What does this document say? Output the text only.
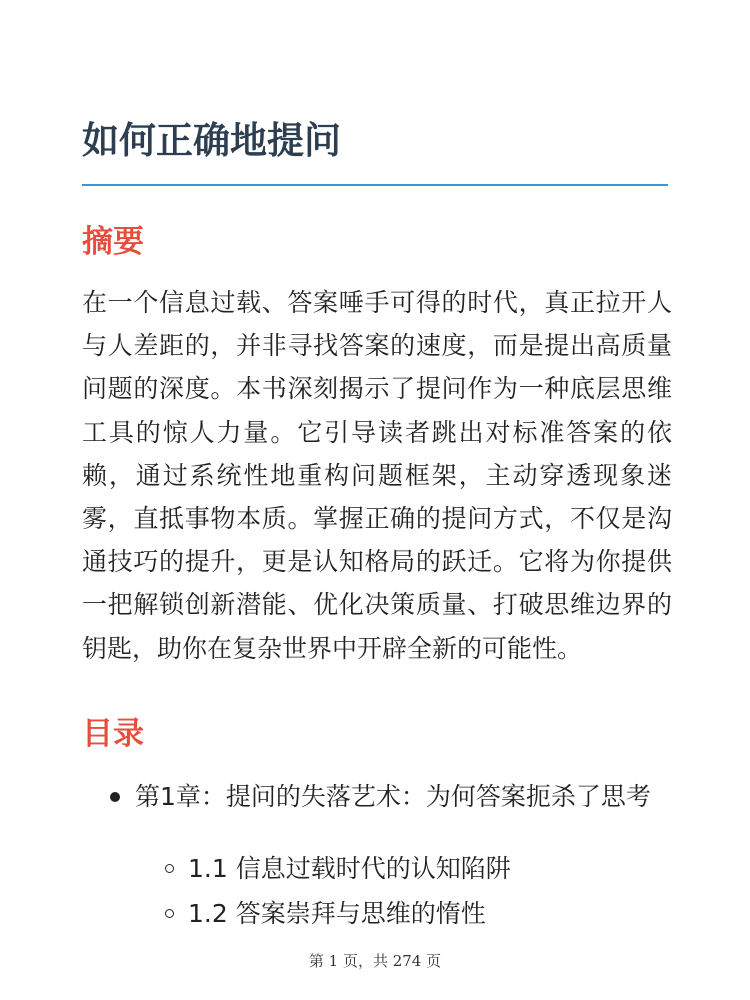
如何正确地提问
摘要

在一个信息过载、答案唾手可得的时代，真正拉开人与人差距的，并非寻找答案的速度，而是提出高质量问题的深度。本书深刻揭示了提问作为一种底层思维工具的惊人力量。它引导读者跳出对标准答案的依赖，通过系统性地重构问题框架，主动穿透现象迷雾，直抵事物本质。掌握正确的提问方式，不仅是沟通技巧的提升，更是认知格局的跃迁。它将为你提供一把解锁创新潜能、优化决策质量、打破思维边界的钥匙，助你在复杂世界中开辟全新的可能性。

目录
第1章：提问的失落艺术：为何答案扼杀了思考
1.1 信息过载时代的认知陷阱
1.2 答案崇拜与思维的惰性
第 1 页，共 274 页
